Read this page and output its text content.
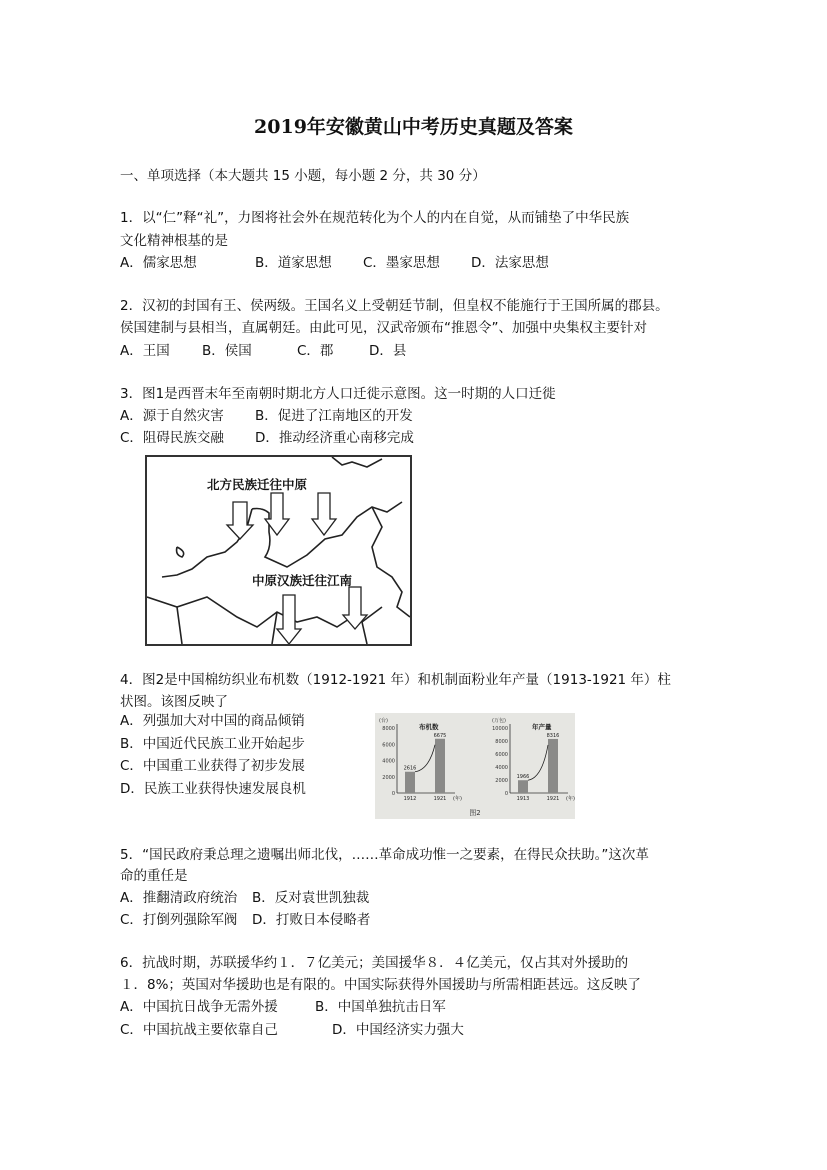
2019年安徽黄山中考历史真题及答案
一、单项选择（本大题共 15 小题，每小题 2 分，共 30 分）
1．以“仁”释“礼”，力图将社会外在规范转化为个人的内在自觉，从而铺垫了中华民族
文化精神根基的是
A．儒家思想	B．道家思想 C．墨家思想 D．法家思想
2．汉初的封国有王、侯两级。王国名义上受朝廷节制，但皇权不能施行于王国所属的郡县。
侯国建制与县相当，直属朝廷。由此可见，汉武帝颁布“推恩令”、加强中央集权主要针对
A．王国 B．侯国	C．郡	D．县
3．图1是西晋末年至南朝时期北方人口迁徙示意图。这一时期的人口迁徙
A．源于自然灾害 B．促进了江南地区的开发
C．阻碍民族交融 D．推动经济重心南移完成
北方民族迁往中原
中原汉族迁往江南
4．图2是中国棉纺织业布机数（1912-1921 年）和机制面粉业年产量（1913-1921 年）柱
状图。该图反映了
A．列强加大对中国的商品倾销
B．中国近代民族工业开始起步
C．中国重工业获得了初步发展
D．民族工业获得快速发展良机
图2
(台)
布机数
0
2000
4000
6000
8000
2616
1912
6675
1921 (年)
(万包)
年产量
0
2000
4000
6000
8000
10000
1966
1913
8316
1921 (年)
5．“国民政府秉总理之遗嘱出师北伐，……革命成功惟一之要素，在得民众扶助。”这次革
命的重任是
A．推翻清政府统治 B．反对袁世凯独裁
C．打倒列强除军阀 D．打败日本侵略者
6．抗战时期，苏联援华约１．７亿美元；美国援华８．４亿美元，仅占其对外援助的
１．8%；英国对华援助也是有限的。中国实际获得外国援助与所需相距甚远。这反映了
A．中国抗日战争无需外援	B．中国单独抗击日军
C．中国抗战主要依靠自己	D．中国经济实力强大
